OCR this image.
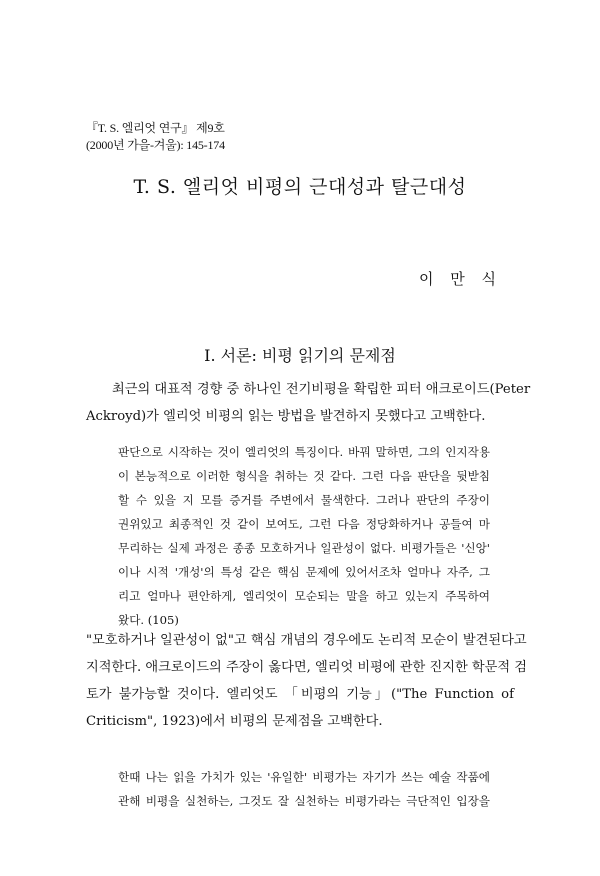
『T. S. 엘리엇 연구』 제9호
(2000년 가을-겨울): 145-174
T. S. 엘리엇 비평의 근대성과 탈근대성
이 만 식
I. 서론: 비평 읽기의 문제점
최근의 대표적 경향 중 하나인 전기비평을 확립한 피터 애크로이드(Peter
Ackroyd)가 엘리엇 비평의 읽는 방법을 발견하지 못했다고 고백한다.
판단으로 시작하는 것이 엘리엇의 특징이다. 바꿔 말하면, 그의 인지작용
이 본능적으로 이러한 형식을 취하는 것 같다. 그런 다음 판단을 뒷받침
할 수 있을 지 모를 증거를 주변에서 물색한다. 그러나 판단의 주장이
권위있고 최종적인 것 같이 보여도, 그런 다음 정당화하거나 공들여 마
무리하는 실제 과정은 종종 모호하거나 일관성이 없다. 비평가들은 '신앙'
이나 시적 '개성'의 특성 같은 핵심 문제에 있어서조차 얼마나 자주, 그
리고 얼마나 편안하게, 엘리엇이 모순되는 말을 하고 있는지 주목하여
왔다. (105)
"모호하거나 일관성이 없"고 핵심 개념의 경우에도 논리적 모순이 발견된다고
지적한다. 애크로이드의 주장이 옳다면, 엘리엇 비평에 관한 진지한 학문적 검
토가 불가능할 것이다. 엘리엇도 「비평의 기능」("The Function of
Criticism", 1923)에서 비평의 문제점을 고백한다.
한때 나는 읽을 가치가 있는 '유일한' 비평가는 자기가 쓰는 예술 작품에
관해 비평을 실천하는, 그것도 잘 실천하는 비평가라는 극단적인 입장을
